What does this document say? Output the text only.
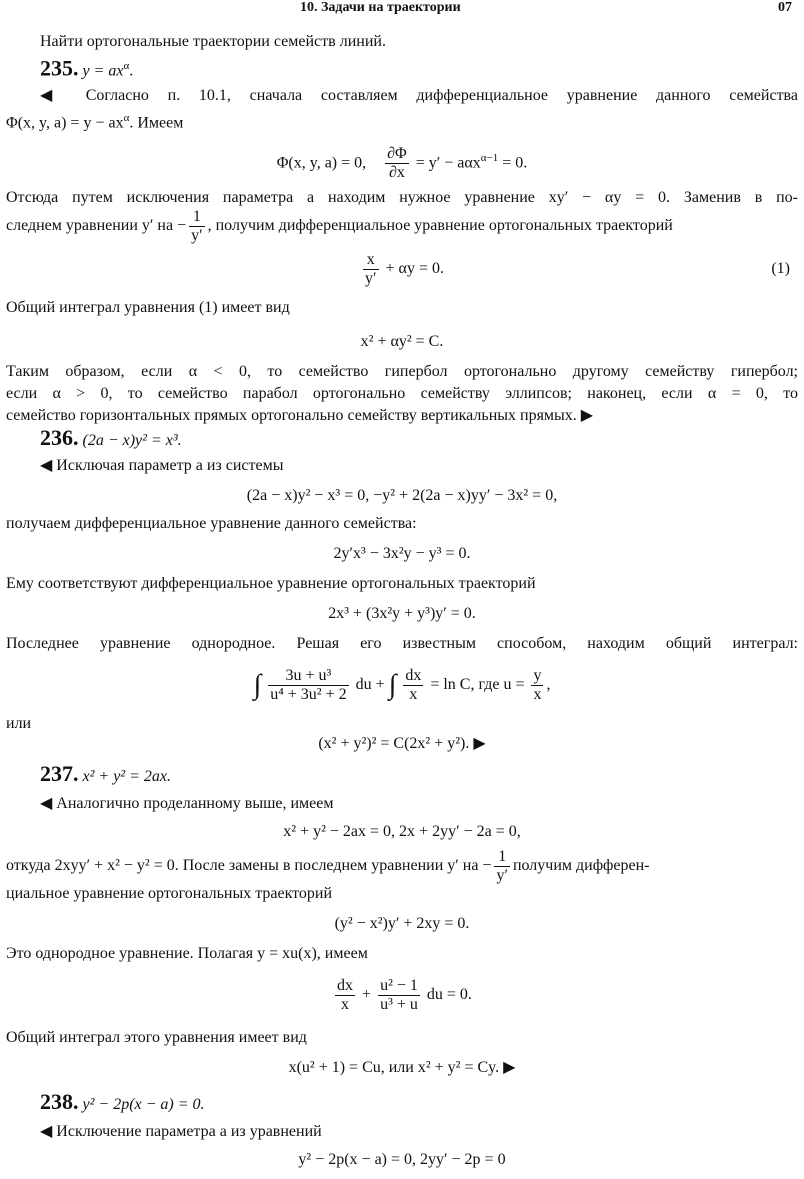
10. Задачи на траектории	07
Найти ортогональные траектории семейств линий.
235. $y = ax^\alpha$.
◀ Согласно п. 10.1, сначала составляем дифференциальное уравнение данного семейства
Φ(x, y, $a) = y - ax^\alpha$. Имеем
Φ(x, y, a) = 0, $\frac{\partial\Phi}{\partial x} = y' - a\alpha x^{\alpha-1} = 0$.
Отсюда путем исключения параметра a находим нужное уравнение xy′ − αy = 0. Заменив в по-
следнем уравнении y′ на − $\frac{1}{y'}$ , получим дифференциальное уравнение ортогональных траекторий
$\frac{x}{y'} + \alpha y = 0$.	(1)
Общий интеграл уравнения (1) имеет вид
x² + αy² = C.
Таким образом, если α < 0, то семейство гипербол ортогонально другому семейству гипербол;
если α > 0, то семейство парабол ортогонально семейству эллипсов; наконец, если α = 0, то
семейство горизонтальных прямых ортогонально семейству вертикальных прямых. ▶
236. (2a − x)y² = x³.
◀ Исключая параметр a из системы
(2a − x)y² − x³ = 0, −y² + 2(2a − x)yy′ − 3x² = 0,
получаем дифференциальное уравнение данного семейства:
2y′x³ − 3x²y − y³ = 0.
Ему соответствуют дифференциальное уравнение ортогональных траекторий
2x³ + (3x²y + y³)y′ = 0.
Последнее уравнение однородное. Решая его известным способом, находим общий интеграл:
∫ $\frac{\text{3u + u³}}{\text{u⁴ + 3u² + 2}}$ du + ∫ $\frac{dx}{x} = \ln C$, где $u = \frac{y}{x}$ ,
или
(x² + y²)² = C(2x² + y²). ▶
237. x² + y² = 2ax.
◀ Аналогично проделанному выше, имеем
x² + y² − 2ax = 0, 2x + 2yy′ − 2a = 0,
откуда 2xyy′ + x² − y² = 0. После замены в последнем уравнении y′ на − $\frac{1}{y'}$ получим дифферен-
циальное уравнение ортогональных траекторий
(y² − x²)y′ + 2xy = 0.
Это однородное уравнение. Полагая y = xu(x), имеем
$\frac{dx}{x} + \frac{\text{u² − 1}}{\text{u³ + u}}$ du = 0.
Общий интеграл этого уравнения имеет вид
x(u² + 1) = Cu, или x² + y² = Cy. ▶
238. y² − 2p(x − a) = 0.
◀ Исключение параметра a из уравнений
y² − 2p(x − a) = 0, 2yy′ − 2p = 0
